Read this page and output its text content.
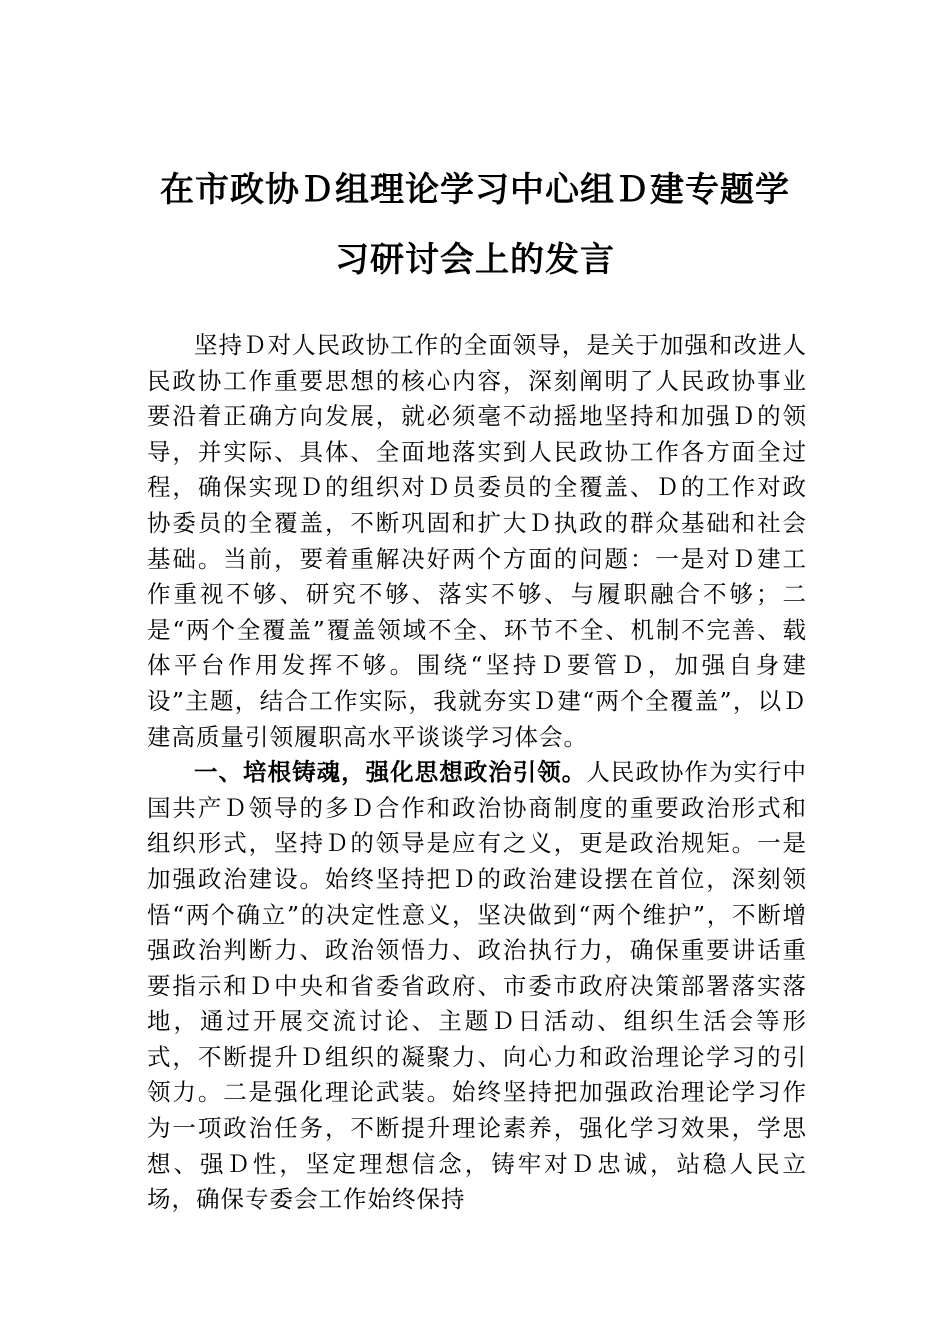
在市政协Ｄ组理论学习中心组Ｄ建专题学
习研讨会上的发言

坚持Ｄ对人民政协工作的全面领导，是关于加强和改进人民政协工作重要思想的核心内容，深刻阐明了人民政协事业要沿着正确方向发展，就必须毫不动摇地坚持和加强Ｄ的领导，并实际、具体、全面地落实到人民政协工作各方面全过程，确保实现Ｄ的组织对Ｄ员委员的全覆盖、Ｄ的工作对政协委员的全覆盖，不断巩固和扩大Ｄ执政的群众基础和社会基础。当前，要着重解决好两个方面的问题：一是对Ｄ建工作重视不够、研究不够、落实不够、与履职融合不够；二是“两个全覆盖”覆盖领域不全、环节不全、机制不完善、载体平台作用发挥不够。围绕“坚持Ｄ要管Ｄ，加强自身建设”主题，结合工作实际，我就夯实Ｄ建“两个全覆盖”，以Ｄ建高质量引领履职高水平谈谈学习体会。

一、培根铸魂，强化思想政治引领。人民政协作为实行中国共产Ｄ领导的多Ｄ合作和政治协商制度的重要政治形式和组织形式，坚持Ｄ的领导是应有之义，更是政治规矩。一是加强政治建设。始终坚持把Ｄ的政治建设摆在首位，深刻领悟“两个确立”的决定性意义，坚决做到“两个维护”，不断增强政治判断力、政治领悟力、政治执行力，确保重要讲话重要指示和Ｄ中央和省委省政府、市委市政府决策部署落实落地，通过开展交流讨论、主题Ｄ日活动、组织生活会等形式，不断提升Ｄ组织的凝聚力、向心力和政治理论学习的引领力。二是强化理论武装。始终坚持把加强政治理论学习作为一项政治任务，不断提升理论素养，强化学习效果，学思想、强Ｄ性，坚定理想信念，铸牢对Ｄ忠诚，站稳人民立场，确保专委会工作始终保持
